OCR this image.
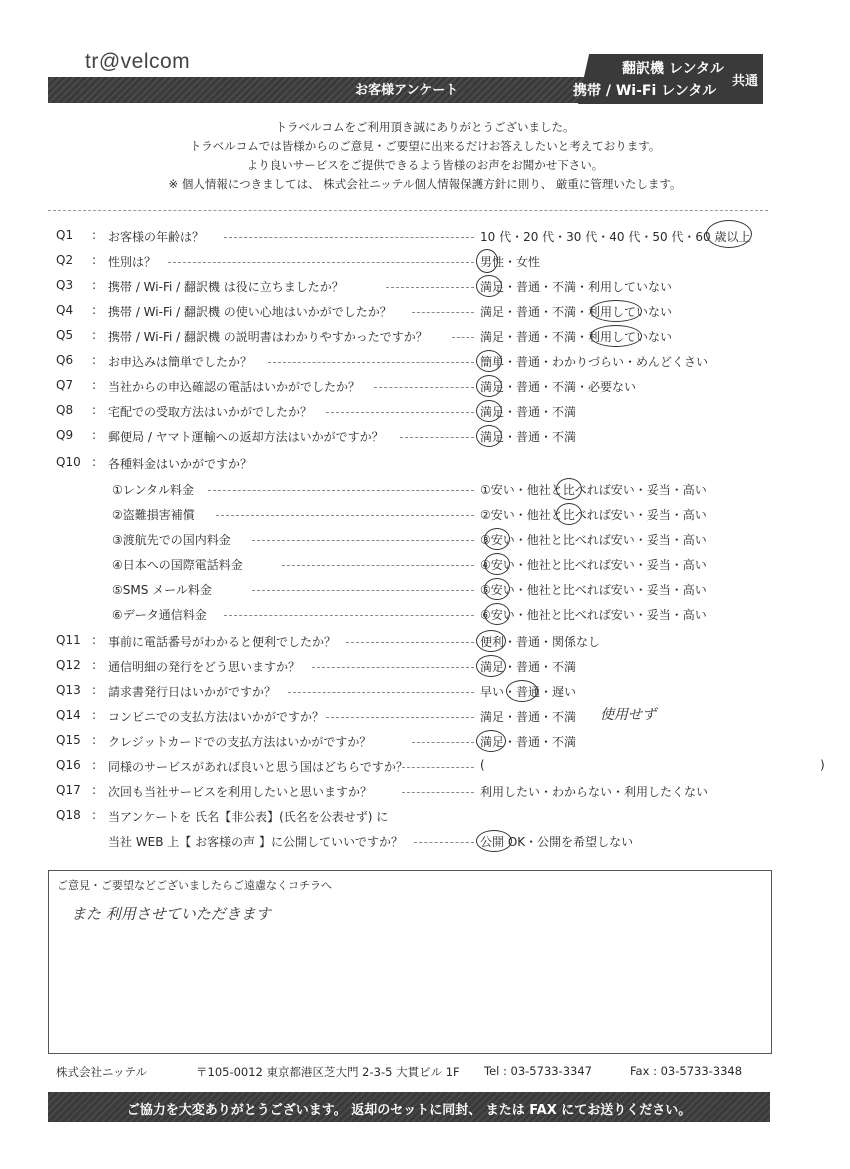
tr@velcom
お客様アンケート
翻訳機 レンタル
携帯 / Wi-Fi レンタル
共通
トラベルコムをご利用頂き誠にありがとうございました。
トラベルコムでは皆様からのご意見・ご要望に出来るだけお答えしたいと考えております。
より良いサービスをご提供できるよう皆様のお声をお聞かせ下さい。
※ 個人情報につきましては、 株式会社ニッテル個人情報保護方針に則り、 厳重に管理いたします。
Q1 : お客様の年齢は？	10 代・20 代・30 代・40 代・50 代・60 歳以上
Q2 : 性別は？	男性・女性
Q3 : 携帯 / Wi-Fi / 翻訳機 は役に立ちましたか？	満足・普通・不満・利用していない
Q4 : 携帯 / Wi-Fi / 翻訳機 の使い心地はいかがでしたか？	満足・普通・不満・利用していない
Q5 : 携帯 / Wi-Fi / 翻訳機 の説明書はわかりやすかったですか？	満足・普通・不満・利用していない
Q6 : お申込みは簡単でしたか？	簡単・普通・わかりづらい・めんどくさい
Q7 : 当社からの申込確認の電話はいかがでしたか？	満足・普通・不満・必要ない
Q8 : 宅配での受取方法はいかがでしたか？	満足・普通・不満
Q9 : 郵便局 / ヤマト運輸への返却方法はいかがですか？	満足・普通・不満
Q10 : 各種料金はいかがですか？
①レンタル料金	①安い・他社と比べれば安い・妥当・高い
②盗難損害補償	②安い・他社と比べれば安い・妥当・高い
③渡航先での国内料金	③安い・他社と比べれば安い・妥当・高い
④日本への国際電話料金	④安い・他社と比べれば安い・妥当・高い
⑤SMS メール料金	⑤安い・他社と比べれば安い・妥当・高い
⑥データ通信料金	⑥安い・他社と比べれば安い・妥当・高い
Q11 : 事前に電話番号がわかると便利でしたか？	便利・普通・関係なし
Q12 : 通信明細の発行をどう思いますか？	満足・普通・不満
Q13 : 請求書発行日はいかがですか？	早い・普通・遅い
Q14 : コンビニでの支払方法はいかがですか？	満足・普通・不満
Q15 : クレジットカードでの支払方法はいかがですか？	満足・普通・不満
Q16 : 同様のサービスがあれば良いと思う国はどちらですか？	(	)
Q17 : 次回も当社サービスを利用したいと思いますか？	利用したい・わからない・利用したくない
Q18 : 当アンケートを 氏名【非公表】(氏名を公表せず) に
当社 WEB 上【 お客様の声 】に公開していいですか？	公開 OK・公開を希望しない
使用せず
ご意見・ご要望などございましたらご遠慮なくコチラへ
また 利用させていただきます
株式会社ニッテル	〒105-0012 東京都港区芝大門 2-3-5 大貫ビル 1F Tel : 03-5733-3347	Fax : 03-5733-3348
ご協力を大変ありがとうございます。 返却のセットに同封、 または FAX にてお送りください。
